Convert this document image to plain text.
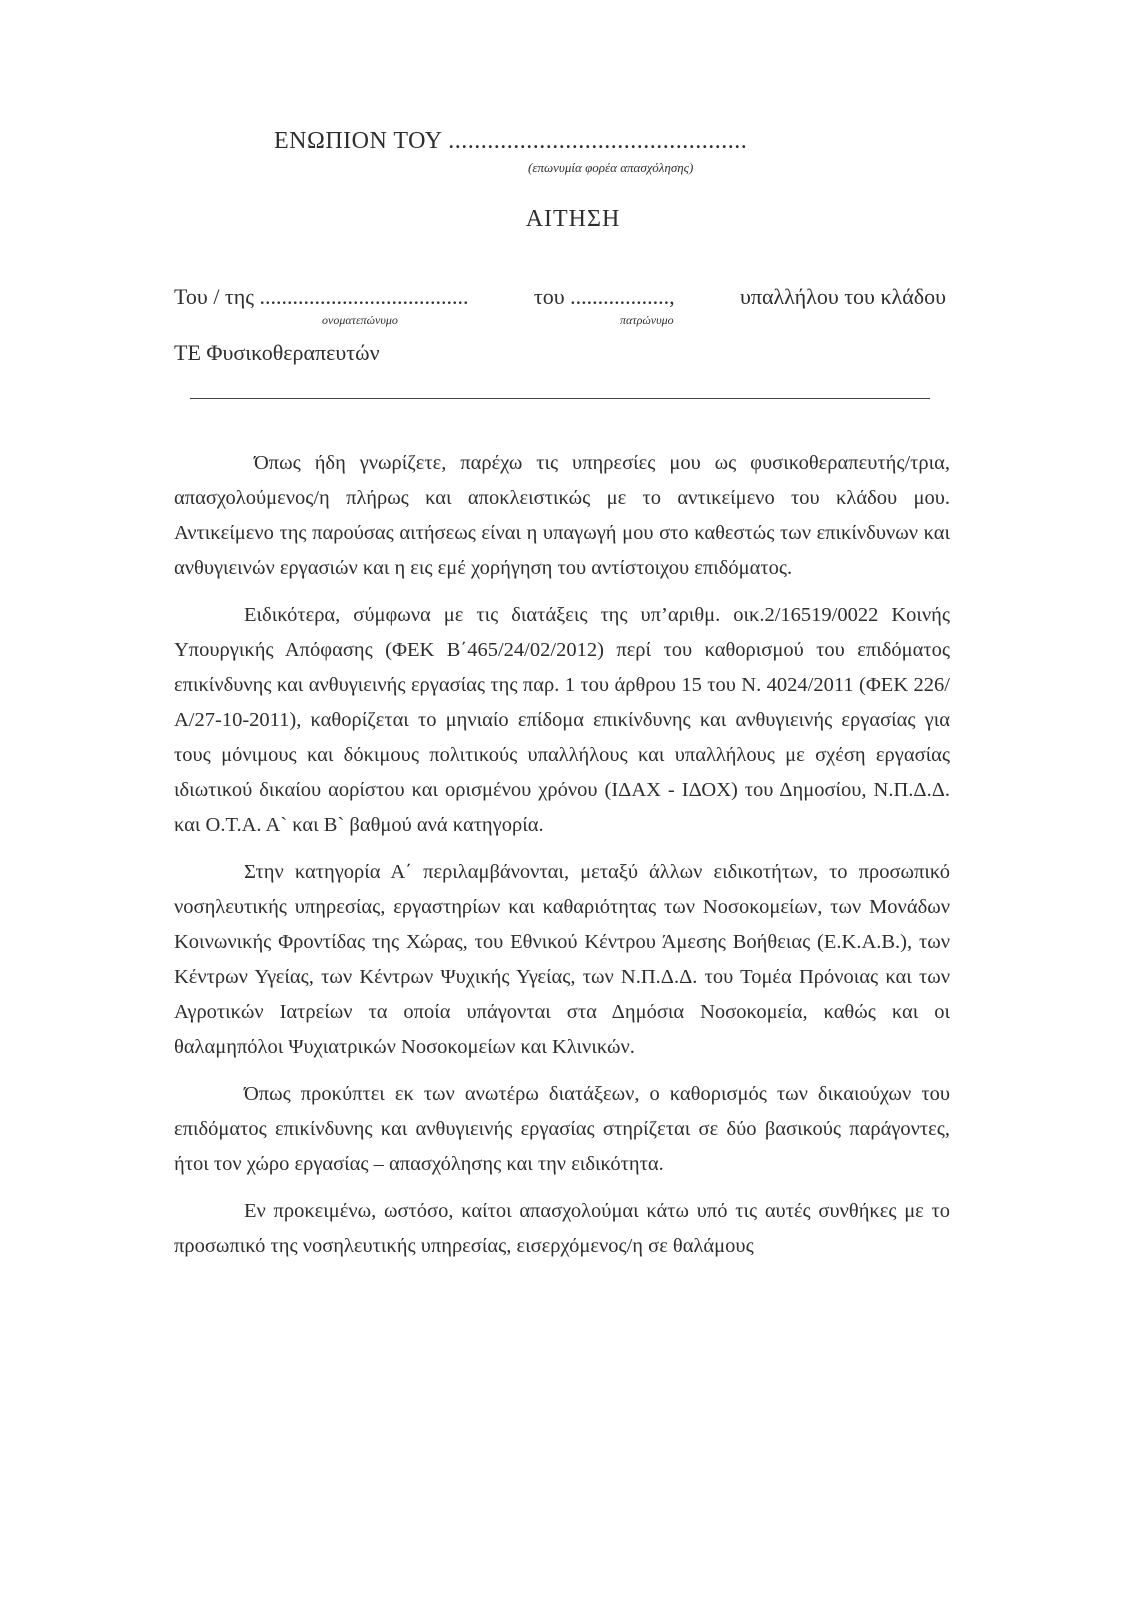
ΕΝΩΠΙΟΝ ΤΟΥ ..............................................
(επωνυμία φορέα απασχόλησης)
ΑΙΤΗΣΗ
Του / της ......................................	του ..................,	υπαλλήλου του κλάδου
ονοματεπώνυμο	πατρώνυμο
ΤΕ Φυσικοθεραπευτών

Όπως ήδη γνωρίζετε, παρέχω τις υπηρεσίες μου ως φυσικοθεραπευτής/τρια, απασχολούμενος/η πλήρως και αποκλειστικώς με το αντικείμενο του κλάδου μου. Αντικείμενο της παρούσας αιτήσεως είναι η υπαγωγή μου στο καθεστώς των επικίνδυνων και ανθυγιεινών εργασιών και η εις εμέ χορήγηση του αντίστοιχου επιδόματος.

Ειδικότερα, σύμφωνα με τις διατάξεις της υπ’αριθμ. οικ.2/16519/0022 Κοινής Υπουργικής Απόφασης (ΦΕΚ Β΄465/24/02/2012) περί του καθορισμού του επιδόματος επικίνδυνης και ανθυγιεινής εργασίας της παρ. 1 του άρθρου 15 του Ν. 4024/2011 (ΦΕΚ 226/Α/27-10-2011), καθορίζεται το μηνιαίο επίδομα επικίνδυνης και ανθυγιεινής εργασίας για τους μόνιμους και δόκιμους πολιτικούς υπαλλήλους και υπαλλήλους με σχέση εργασίας ιδιωτικού δικαίου αορίστου και ορισμένου χρόνου (ΙΔΑΧ - ΙΔΟΧ) του Δημοσίου, Ν.Π.Δ.Δ. και Ο.Τ.Α. Α` και Β` βαθμού ανά κατηγορία.

Στην κατηγορία Α΄ περιλαμβάνονται, μεταξύ άλλων ειδικοτήτων, το προσωπικό νοσηλευτικής υπηρεσίας, εργαστηρίων και καθαριότητας των Νοσοκομείων, των Μονάδων Κοινωνικής Φροντίδας της Χώρας, του Εθνικού Κέντρου Άμεσης Βοήθειας (Ε.Κ.Α.Β.), των Κέντρων Υγείας, των Κέντρων Ψυχικής Υγείας, των Ν.Π.Δ.Δ. του Τομέα Πρόνοιας και των Αγροτικών Ιατρείων τα οποία υπάγονται στα Δημόσια Νοσοκομεία, καθώς και οι θαλαμηπόλοι Ψυχιατρικών Νοσοκομείων και Κλινικών.

Όπως προκύπτει εκ των ανωτέρω διατάξεων, ο καθορισμός των δικαιούχων του επιδόματος επικίνδυνης και ανθυγιεινής εργασίας στηρίζεται σε δύο βασικούς παράγοντες, ήτοι τον χώρο εργασίας – απασχόλησης και την ειδικότητα.

Εν προκειμένω, ωστόσο, καίτοι απασχολούμαι κάτω υπό τις αυτές συνθήκες με το προσωπικό της νοσηλευτικής υπηρεσίας, εισερχόμενος/η σε θαλάμους
